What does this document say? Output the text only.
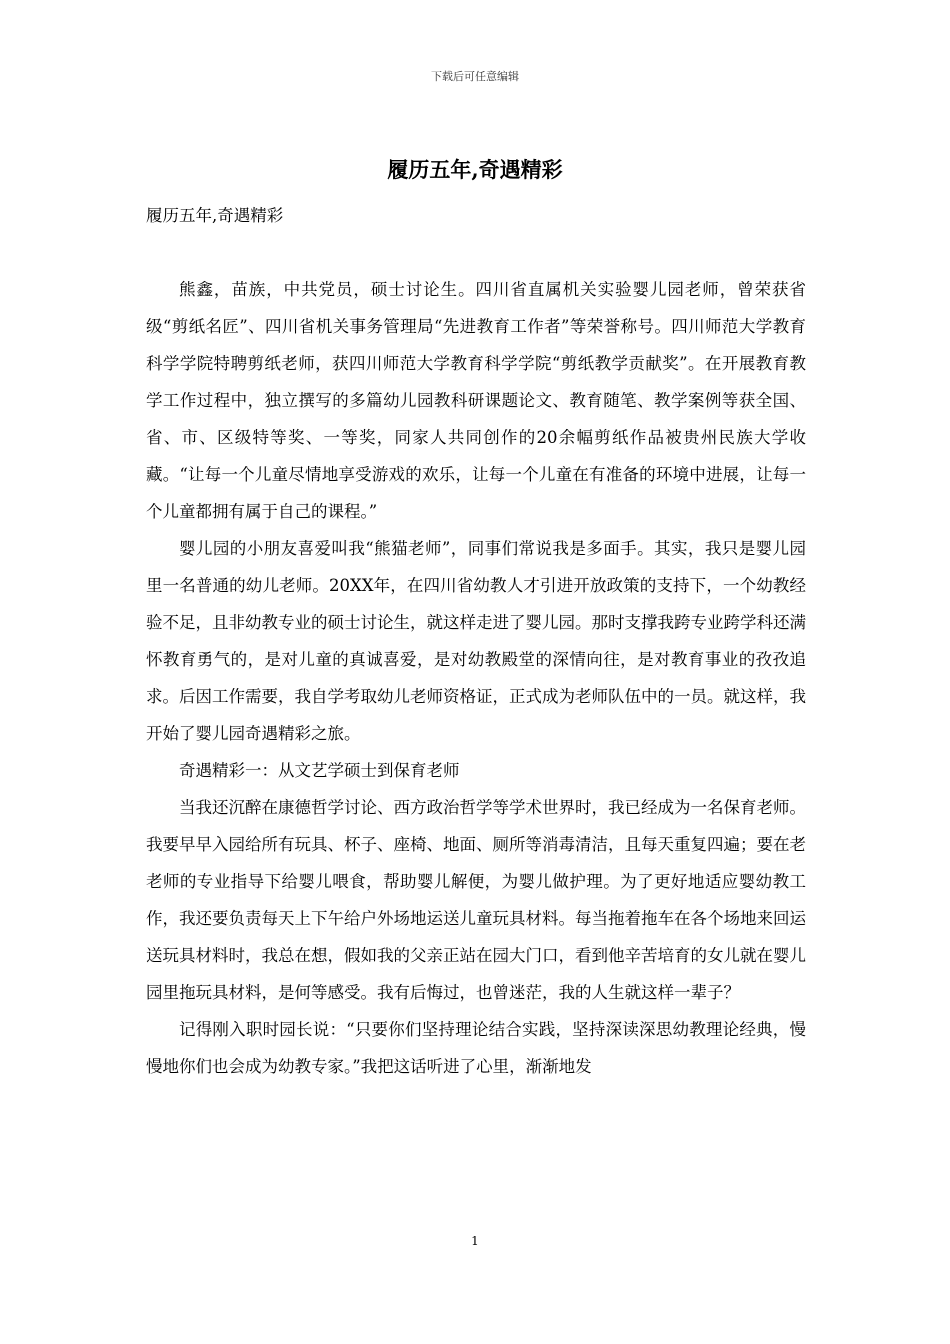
下载后可任意编辑
履历五年,奇遇精彩

履历五年,奇遇精彩

熊鑫，苗族，中共党员，硕士讨论生。四川省直属机关实验婴儿园老师，曾荣获省级“剪纸名匠”、四川省机关事务管理局“先进教育工作者”等荣誉称号。四川师范大学教育科学学院特聘剪纸老师，获四川师范大学教育科学学院“剪纸教学贡献奖”。在开展教育教学工作过程中，独立撰写的多篇幼儿园教科研课题论文、教育随笔、教学案例等获全国、省、市、区级特等奖、一等奖，同家人共同创作的20余幅剪纸作品被贵州民族大学收藏。“让每一个儿童尽情地享受游戏的欢乐，让每一个儿童在有准备的环境中进展，让每一个儿童都拥有属于自己的课程。”

婴儿园的小朋友喜爱叫我“熊猫老师”，同事们常说我是多面手。其实，我只是婴儿园里一名普通的幼儿老师。20XX年，在四川省幼教人才引进开放政策的支持下，一个幼教经验不足，且非幼教专业的硕士讨论生，就这样走进了婴儿园。那时支撑我跨专业跨学科还满怀教育勇气的，是对儿童的真诚喜爱，是对幼教殿堂的深情向往，是对教育事业的孜孜追求。后因工作需要，我自学考取幼儿老师资格证，正式成为老师队伍中的一员。就这样，我开始了婴儿园奇遇精彩之旅。

奇遇精彩一：从文艺学硕士到保育老师

当我还沉醉在康德哲学讨论、西方政治哲学等学术世界时，我已经成为一名保育老师。我要早早入园给所有玩具、杯子、座椅、地面、厕所等消毒清洁，且每天重复四遍；要在老老师的专业指导下给婴儿喂食，帮助婴儿解便，为婴儿做护理。为了更好地适应婴幼教工作，我还要负责每天上下午给户外场地运送儿童玩具材料。每当拖着拖车在各个场地来回运送玩具材料时，我总在想，假如我的父亲正站在园大门口，看到他辛苦培育的女儿就在婴儿园里拖玩具材料，是何等感受。我有后悔过，也曾迷茫，我的人生就这样一辈子？

记得刚入职时园长说：“只要你们坚持理论结合实践，坚持深读深思幼教理论经典，慢慢地你们也会成为幼教专家。”我把这话听进了心里，渐渐地发

1
